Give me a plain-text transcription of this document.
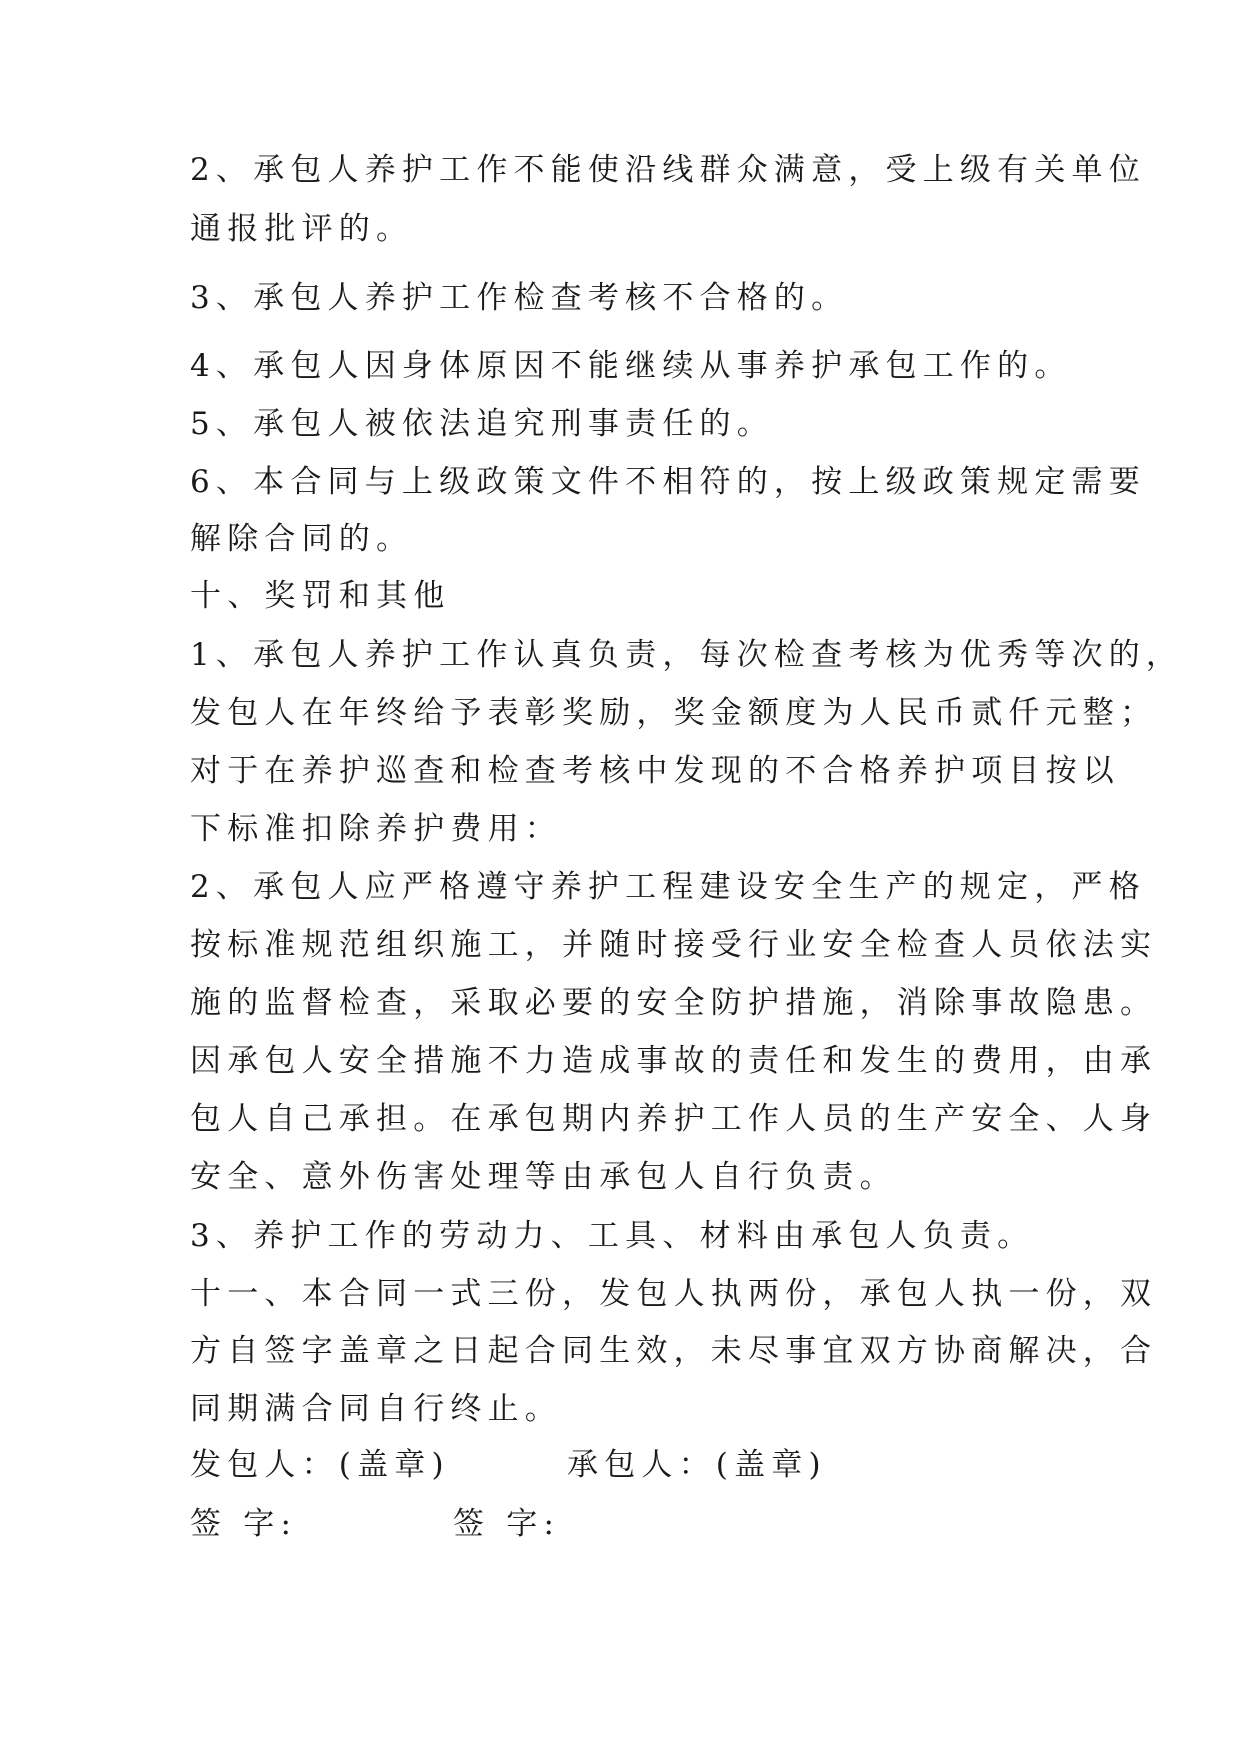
2、承包人养护工作不能使沿线群众满意，受上级有关单位
通报批评的。
3、承包人养护工作检查考核不合格的。
4、承包人因身体原因不能继续从事养护承包工作的。
5、承包人被依法追究刑事责任的。
6、本合同与上级政策文件不相符的，按上级政策规定需要
解除合同的。
十、奖罚和其他
1、承包人养护工作认真负责，每次检查考核为优秀等次的，
发包人在年终给予表彰奖励，奖金额度为人民币贰仟元整；
对于在养护巡查和检查考核中发现的不合格养护项目按以
下标准扣除养护费用：
2、承包人应严格遵守养护工程建设安全生产的规定，严格
按标准规范组织施工，并随时接受行业安全检查人员依法实
施的监督检查，采取必要的安全防护措施，消除事故隐患。
因承包人安全措施不力造成事故的责任和发生的费用，由承
包人自己承担。在承包期内养护工作人员的生产安全、人身
安全、意外伤害处理等由承包人自行负责。
3、养护工作的劳动力、工具、材料由承包人负责。
十一、本合同一式三份，发包人执两份，承包人执一份，双
方自签字盖章之日起合同生效，未尽事宜双方协商解决，合
同期满合同自行终止。
发包人：(盖章)	承包人：(盖章)
签 字:	签 字:
